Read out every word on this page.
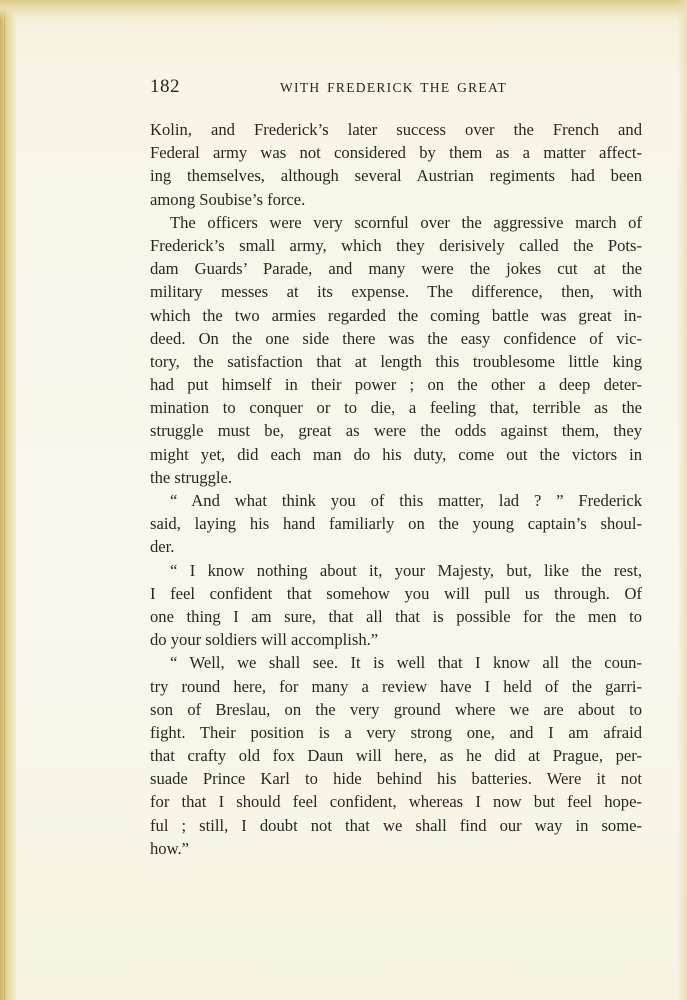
182	WITH FREDERICK THE GREAT
Kolin, and Frederick’s later success over the French and
Federal army was not considered by them as a matter affect-
ing themselves, although several Austrian regiments had been
among Soubise’s force.
The officers were very scornful over the aggressive march of
Frederick’s small army, which they derisively called the Pots-
dam Guards’ Parade, and many were the jokes cut at the
military messes at its expense. The difference, then, with
which the two armies regarded the coming battle was great in-
deed. On the one side there was the easy confidence of vic-
tory, the satisfaction that at length this troublesome little king
had put himself in their power ; on the other a deep deter-
mination to conquer or to die, a feeling that, terrible as the
struggle must be, great as were the odds against them, they
might yet, did each man do his duty, come out the victors in
the struggle.
“ And what think you of this matter, lad ? ” Frederick
said, laying his hand familiarly on the young captain’s shoul-
der.
“ I know nothing about it, your Majesty, but, like the rest,
I feel confident that somehow you will pull us through. Of
one thing I am sure, that all that is possible for the men to
do your soldiers will accomplish.”
“ Well, we shall see. It is well that I know all the coun-
try round here, for many a review have I held of the garri-
son of Breslau, on the very ground where we are about to
fight. Their position is a very strong one, and I am afraid
that crafty old fox Daun will here, as he did at Prague, per-
suade Prince Karl to hide behind his batteries. Were it not
for that I should feel confident, whereas I now but feel hope-
ful ; still, I doubt not that we shall find our way in some-
how.”
